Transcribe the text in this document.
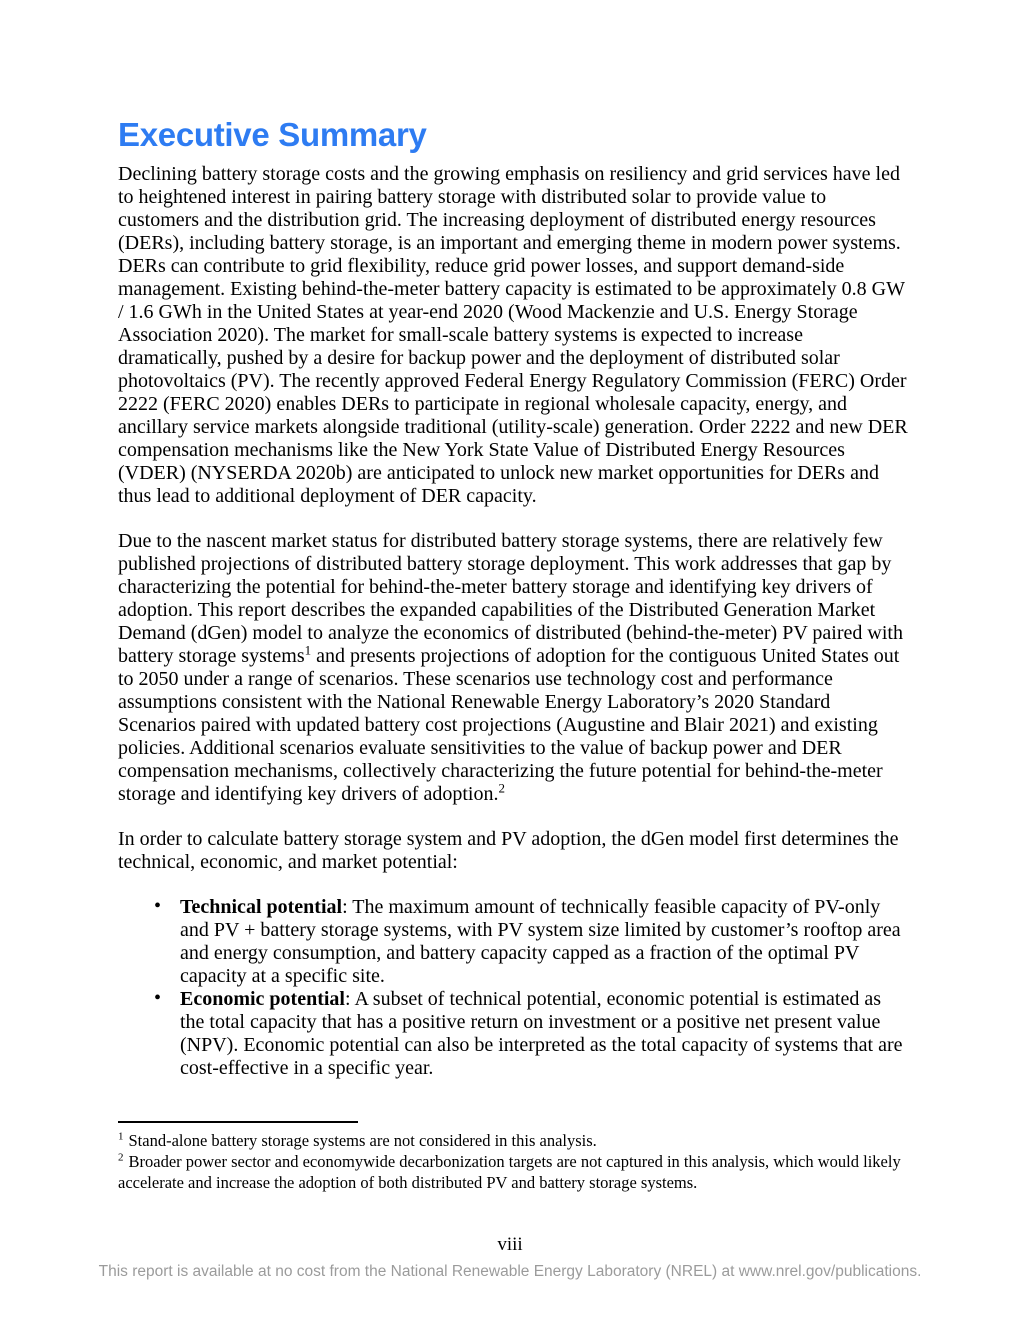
Executive Summary

Declining battery storage costs and the growing emphasis on resiliency and grid services have led to heightened interest in pairing battery storage with distributed solar to provide value to customers and the distribution grid. The increasing deployment of distributed energy resources (DERs), including battery storage, is an important and emerging theme in modern power systems. DERs can contribute to grid flexibility, reduce grid power losses, and support demand-side management. Existing behind-the-meter battery capacity is estimated to be approximately 0.8 GW / 1.6 GWh in the United States at year-end 2020 (Wood Mackenzie and U.S. Energy Storage Association 2020). The market for small-scale battery systems is expected to increase dramatically, pushed by a desire for backup power and the deployment of distributed solar photovoltaics (PV). The recently approved Federal Energy Regulatory Commission (FERC) Order 2222 (FERC 2020) enables DERs to participate in regional wholesale capacity, energy, and ancillary service markets alongside traditional (utility-scale) generation. Order 2222 and new DER compensation mechanisms like the New York State Value of Distributed Energy Resources (VDER) (NYSERDA 2020b) are anticipated to unlock new market opportunities for DERs and thus lead to additional deployment of DER capacity.

Due to the nascent market status for distributed battery storage systems, there are relatively few published projections of distributed battery storage deployment. This work addresses that gap by characterizing the potential for behind-the-meter battery storage and identifying key drivers of adoption. This report describes the expanded capabilities of the Distributed Generation Market Demand (dGen) model to analyze the economics of distributed (behind-the-meter) PV paired with battery storage systems$^1$ and presents projections of adoption for the contiguous United States out to 2050 under a range of scenarios. These scenarios use technology cost and performance assumptions consistent with the National Renewable Energy Laboratory’s 2020 Standard Scenarios paired with updated battery cost projections (Augustine and Blair 2021) and existing policies. Additional scenarios evaluate sensitivities to the value of backup power and DER compensation mechanisms, collectively characterizing the future potential for behind-the-meter storage and identifying key drivers of adoption.$^2$

In order to calculate battery storage system and PV adoption, the dGen model first determines the technical, economic, and market potential:

• Technical potential: The maximum amount of technically feasible capacity of PV-only and PV + battery storage systems, with PV system size limited by customer’s rooftop area and energy consumption, and battery capacity capped as a fraction of the optimal PV capacity at a specific site.
• Economic potential: A subset of technical potential, economic potential is estimated as the total capacity that has a positive return on investment or a positive net present value (NPV). Economic potential can also be interpreted as the total capacity of systems that are cost-effective in a specific year.
$^1$ Stand-alone battery storage systems are not considered in this analysis.
$^2$ Broader power sector and economywide decarbonization targets are not captured in this analysis, which would likely accelerate and increase the adoption of both distributed PV and battery storage systems.
viii
This report is available at no cost from the National Renewable Energy Laboratory (NREL) at www.nrel.gov/publications.
